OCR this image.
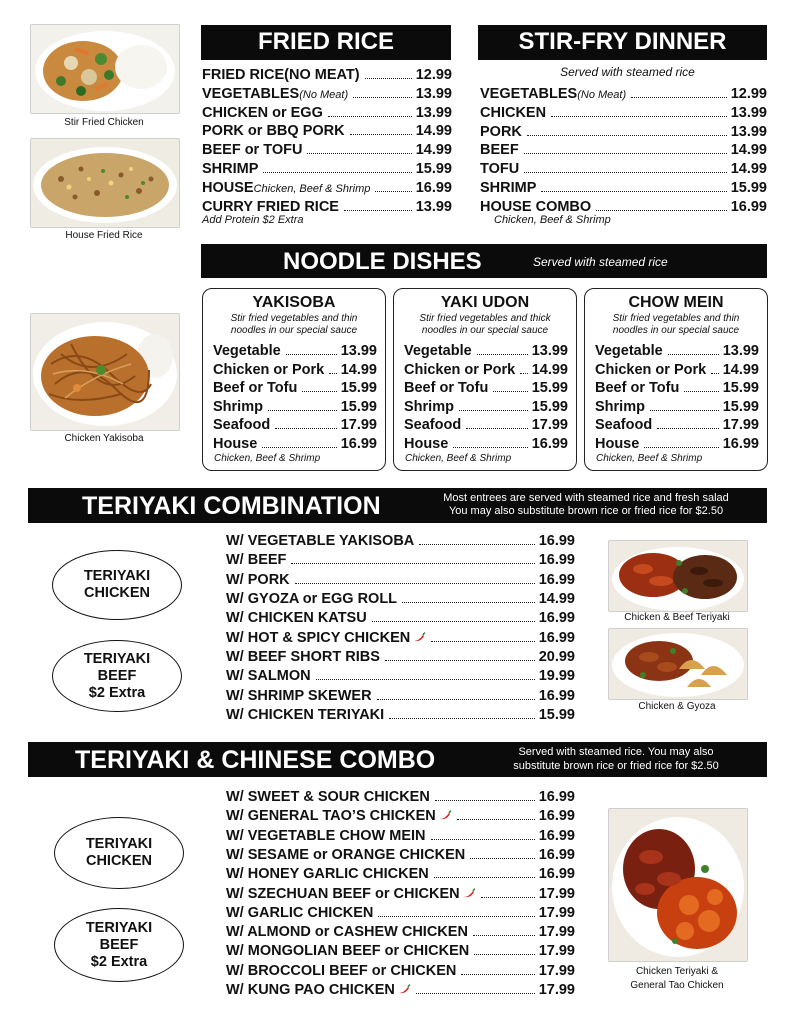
Stir Fried Chicken
House Fried Rice
Chicken Yakisoba
FRIED RICE
FRIED RICE(NO MEAT)	12.99
VEGETABLES (No Meat)	13.99
CHICKEN or EGG	13.99
PORK or BBQ PORK	14.99
BEEF or TOFU	14.99
SHRIMP	15.99
HOUSE Chicken, Beef & Shrimp	16.99
CURRY FRIED RICE	13.99
Add Protein $2 Extra
STIR-FRY DINNER
Served with steamed rice
VEGETABLES (No Meat)	12.99
CHICKEN	13.99
PORK	13.99
BEEF	14.99
TOFU	14.99
SHRIMP	15.99
HOUSE COMBO	16.99
Chicken, Beef & Shrimp
NOODLE DISHES	Served with steamed rice
YAKISOBA
Stir fried vegetables and thin
noodles in our special sauce
Vegetable	13.99
Chicken or Pork 14.99
Beef or Tofu	15.99
Shrimp	15.99
Seafood	17.99
House	16.99
Chicken, Beef & Shrimp
YAKI UDON
Stir fried vegetables and thick
noodles in our special sauce
Vegetable	13.99
Chicken or Pork 14.99
Beef or Tofu	15.99
Shrimp	15.99
Seafood	17.99
House	16.99
Chicken, Beef & Shrimp
CHOW MEIN
Stir fried vegetables and thin
noodles in our special sauce
Vegetable	13.99
Chicken or Pork 14.99
Beef or Tofu	15.99
Shrimp	15.99
Seafood	17.99
House	16.99
Chicken, Beef & Shrimp
TERIYAKI COMBINATION	Most entrees are served with steamed rice and fresh salad
You may also substitute brown rice or fried rice for $2.50
TERIYAKI
CHICKEN
TERIYAKI
BEEF
$2 Extra
W/ VEGETABLE YAKISOBA	16.99
W/ BEEF	16.99
W/ PORK	16.99
W/ GYOZA or EGG ROLL	14.99
W/ CHICKEN KATSU	16.99
W/ HOT & SPICY CHICKEN	16.99
W/ BEEF SHORT RIBS	20.99
W/ SALMON	19.99
W/ SHRIMP SKEWER	16.99
W/ CHICKEN TERIYAKI	15.99
Chicken & Beef Teriyaki
Chicken & Gyoza
TERIYAKI & CHINESE COMBO	Served with steamed rice. You may also
substitute brown rice or fried rice for $2.50
TERIYAKI
CHICKEN
TERIYAKI
BEEF
$2 Extra
W/ SWEET & SOUR CHICKEN	16.99
W/ GENERAL TAO’S CHICKEN	16.99
W/ VEGETABLE CHOW MEIN	16.99
W/ SESAME or ORANGE CHICKEN	16.99
W/ HONEY GARLIC CHICKEN	16.99
W/ SZECHUAN BEEF or CHICKEN	17.99
W/ GARLIC CHICKEN	17.99
W/ ALMOND or CASHEW CHICKEN	17.99
W/ MONGOLIAN BEEF or CHICKEN	17.99
W/ BROCCOLI BEEF or CHICKEN	17.99
W/ KUNG PAO CHICKEN	17.99
Chicken Teriyaki &
General Tao Chicken
